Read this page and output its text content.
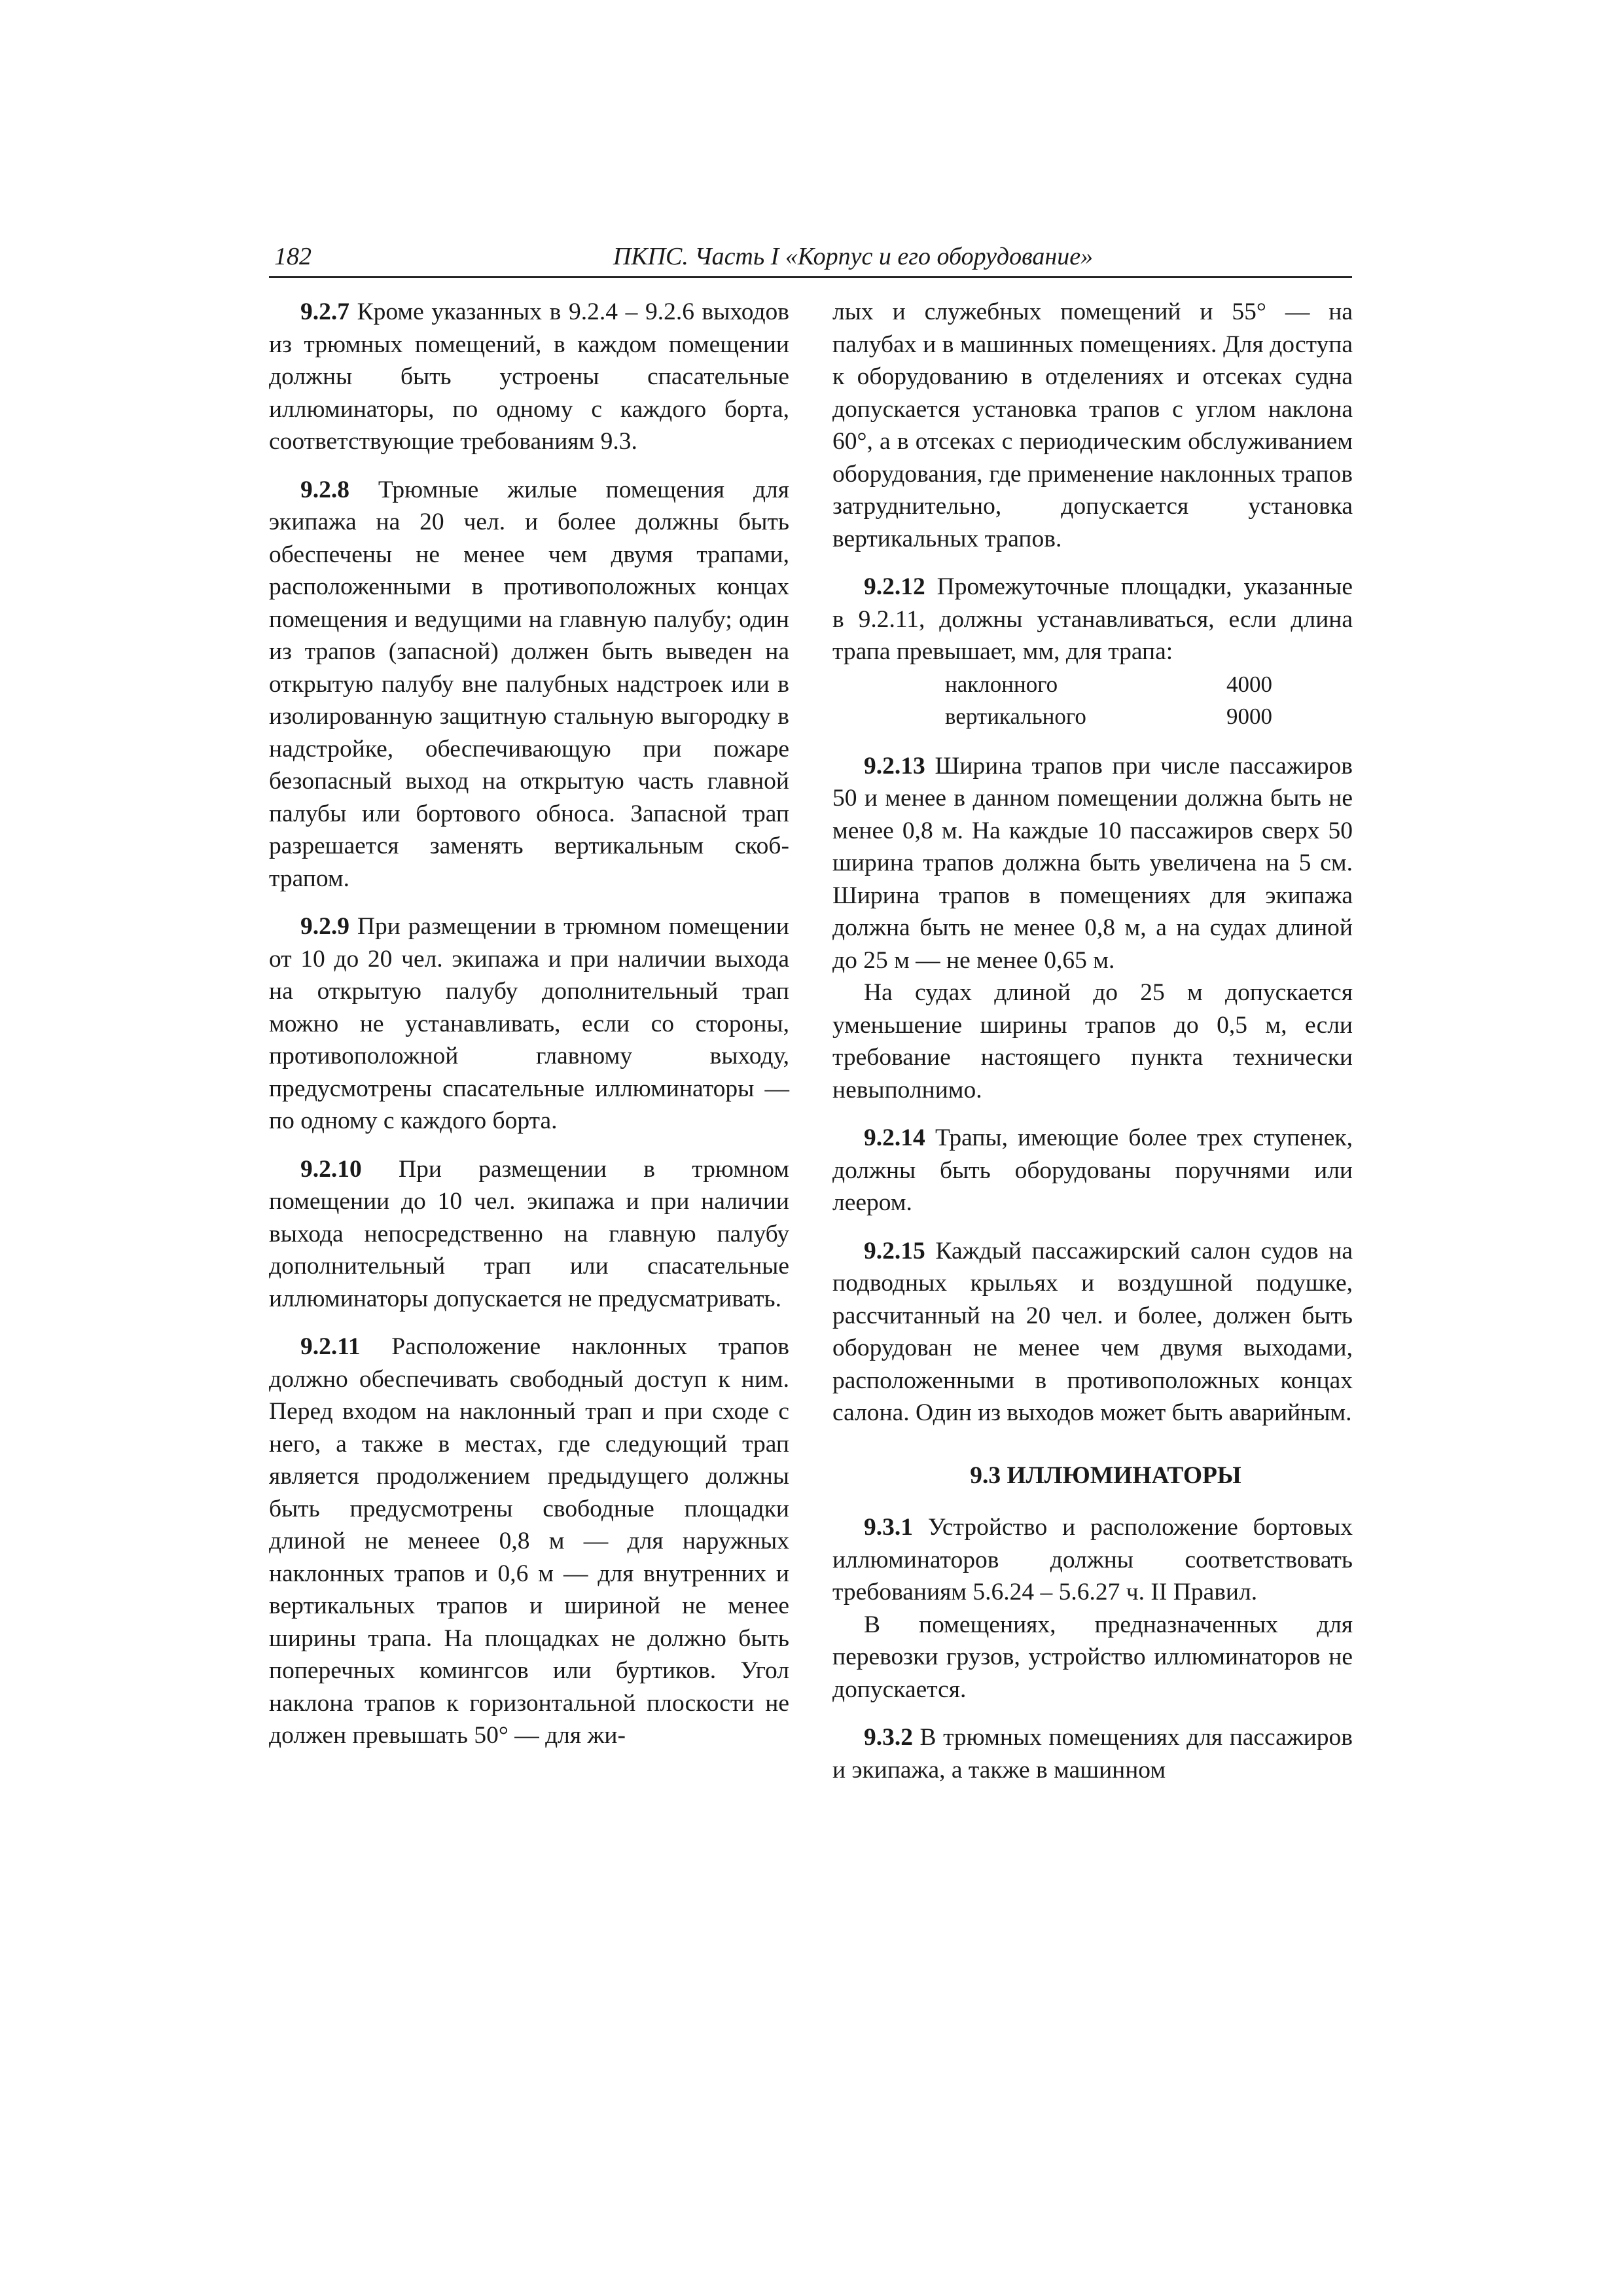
182	ПКПС. Часть I «Корпус и его оборудование»

9.2.7 Кроме указанных в 9.2.4 – 9.2.6 выходов из трюмных помещений, в каждом помещении должны быть устроены спасательные иллюминаторы, по одному с каждого борта, соответствующие требованиям 9.3.

9.2.8 Трюмные жилые помещения для экипажа на 20 чел. и более должны быть обеспечены не менее чем двумя трапами, расположенными в противоположных концах помещения и ведущими на главную палубу; один из трапов (запасной) должен быть выведен на открытую палубу вне палубных надстроек или в изолированную защитную стальную выгородку в надстройке, обеспечивающую при пожаре безопасный выход на открытую часть главной палубы или бортового обноса. Запасной трап разрешается заменять вертикальным скоб-трапом.

9.2.9 При размещении в трюмном помещении от 10 до 20 чел. экипажа и при наличии выхода на открытую палубу дополнительный трап можно не устанавливать, если со стороны, противоположной главному выходу, предусмотрены спасательные иллюминаторы — по одному с каждого борта.

9.2.10 При размещении в трюмном помещении до 10 чел. экипажа и при наличии выхода непосредственно на главную палубу дополнительный трап или спасательные иллюминаторы допускается не предусматривать.

9.2.11 Расположение наклонных трапов должно обеспечивать свободный доступ к ним. Перед входом на наклонный трап и при сходе с него, а также в местах, где следующий трап является продолжением предыдущего должны быть предусмотрены свободные площадки длиной не менеее 0,8 м — для наружных наклонных трапов и 0,6 м — для внутренних и вертикальных трапов и шириной не менее ширины трапа. На площадках не должно быть поперечных комингсов или буртиков. Угол наклона трапов к горизонтальной плоскости не должен превышать 50° — для жи-

лых и служебных помещений и 55° — на палубах и в машинных помещениях. Для доступа к оборудованию в отделениях и отсеках судна допускается установка трапов с углом наклона 60°, а в отсеках с периодическим обслуживанием оборудования, где применение наклонных трапов затруднительно, допускается установка вертикальных трапов.

9.2.12 Промежуточные площадки, указанные в 9.2.11, должны устанавливаться, если длина трапа превышает, мм, для трапа:

наклонного	4000
вертикального	9000

9.2.13 Ширина трапов при числе пассажиров 50 и менее в данном помещении должна быть не менее 0,8 м. На каждые 10 пассажиров сверх 50 ширина трапов должна быть увеличена на 5 см. Ширина трапов в помещениях для экипажа должна быть не менее 0,8 м, а на судах длиной до 25 м — не менее 0,65 м.

На судах длиной до 25 м допускается уменьшение ширины трапов до 0,5 м, если требование настоящего пункта технически невыполнимо.

9.2.14 Трапы, имеющие более трех ступенек, должны быть оборудованы поручнями или леером.

9.2.15 Каждый пассажирский салон судов на подводных крыльях и воздушной подушке, рассчитанный на 20 чел. и более, должен быть оборудован не менее чем двумя выходами, расположенными в противоположных концах салона. Один из выходов может быть аварийным.

9.3 ИЛЛЮМИНАТОРЫ

9.3.1 Устройство и расположение бортовых иллюминаторов должны соответствовать требованиям 5.6.24 – 5.6.27 ч. II Правил.

В помещениях, предназначенных для перевозки грузов, устройство иллюминаторов не допускается.

9.3.2 В трюмных помещениях для пассажиров и экипажа, а также в машинном
